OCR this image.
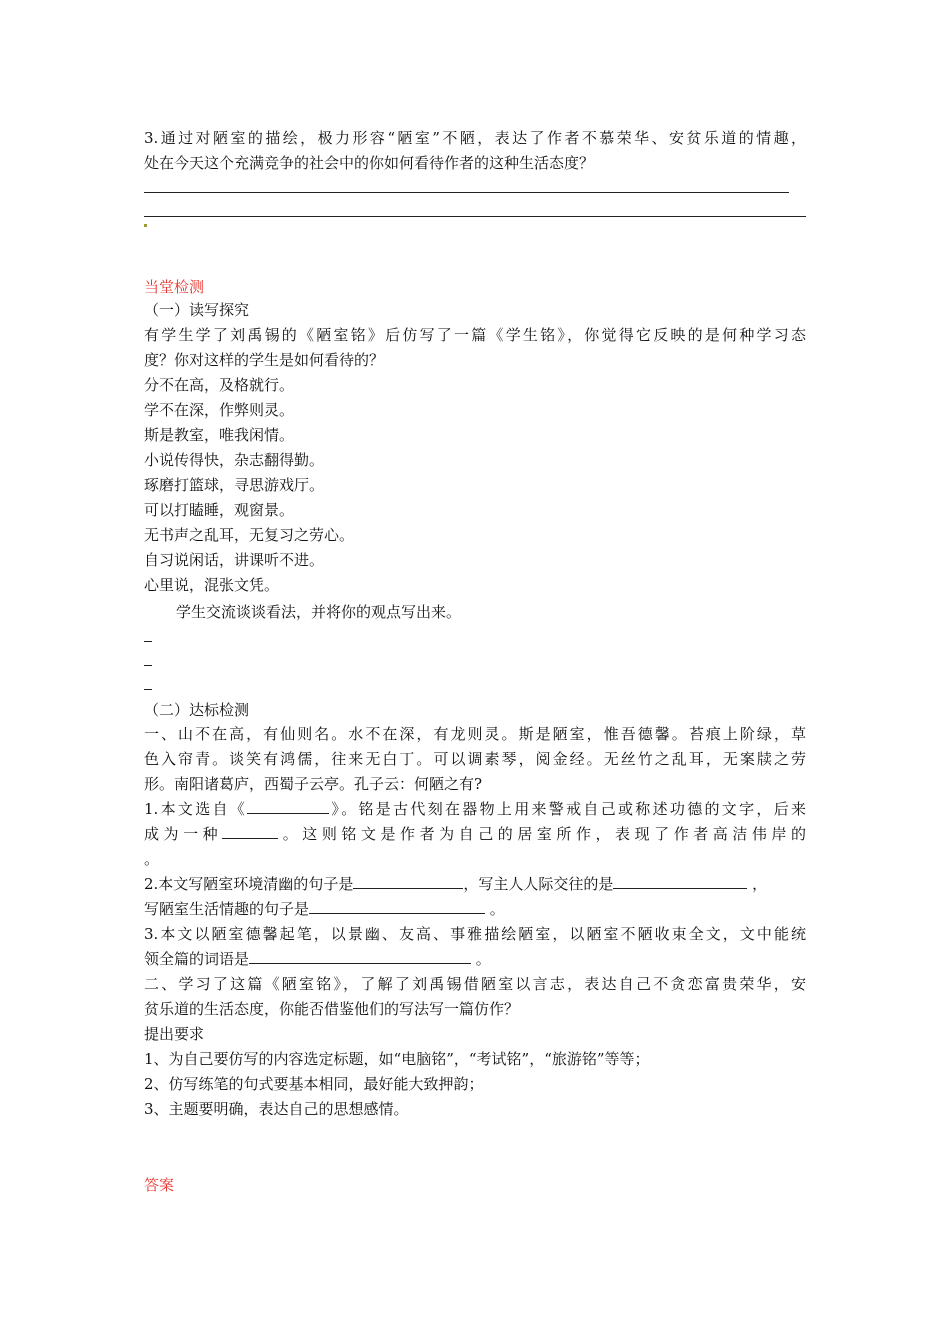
3.通过对陋室的描绘，极力形容“陋室”不陋，表达了作者不慕荣华、安贫乐道的情趣，

处在今天这个充满竞争的社会中的你如何看待作者的这种生活态度？

当堂检测

（一）读写探究

有学生学了刘禹锡的《陋室铭》后仿写了一篇《学生铭》，你觉得它反映的是何种学习态

度？你对这样的学生是如何看待的？

分不在高，及格就行。

学不在深，作弊则灵。

斯是教室，唯我闲情。

小说传得快，杂志翻得勤。

琢磨打篮球，寻思游戏厅。

可以打瞌睡，观窗景。

无书声之乱耳，无复习之劳心。

自习说闲话，讲课听不进。

心里说，混张文凭。

学生交流谈谈看法，并将你的观点写出来。

（二）达标检测

一、山不在高，有仙则名。水不在深，有龙则灵。斯是陋室，惟吾德馨。苔痕上阶绿，草

色入帘青。谈笑有鸿儒，往来无白丁。可以调素琴，阅金经。无丝竹之乱耳，无案牍之劳

形。南阳诸葛庐，西蜀子云亭。孔子云：何陋之有?

1.本文选自《	》。铭是古代刻在器物上用来警戒自己或称述功德的文字，后来

成为一种	。这则铭文是作者为自己的居室所作，表现了作者高洁伟岸的

。

2.本文写陋室环境清幽的句子是	，写主人人际交往的是	，

写陋室生活情趣的句子是	。

3.本文以陋室德馨起笔，以景幽、友高、事雅描绘陋室，以陋室不陋收束全文，文中能统

领全篇的词语是	。

二、学习了这篇《陋室铭》，了解了刘禹锡借陋室以言志，表达自己不贪恋富贵荣华，安

贫乐道的生活态度，你能否借鉴他们的写法写一篇仿作？

提出要求

1、为自己要仿写的内容选定标题，如“电脑铭”，“考试铭”，“旅游铭”等等；

2、仿写练笔的句式要基本相同，最好能大致押韵；

3、主题要明确，表达自己的思想感情。

答案
